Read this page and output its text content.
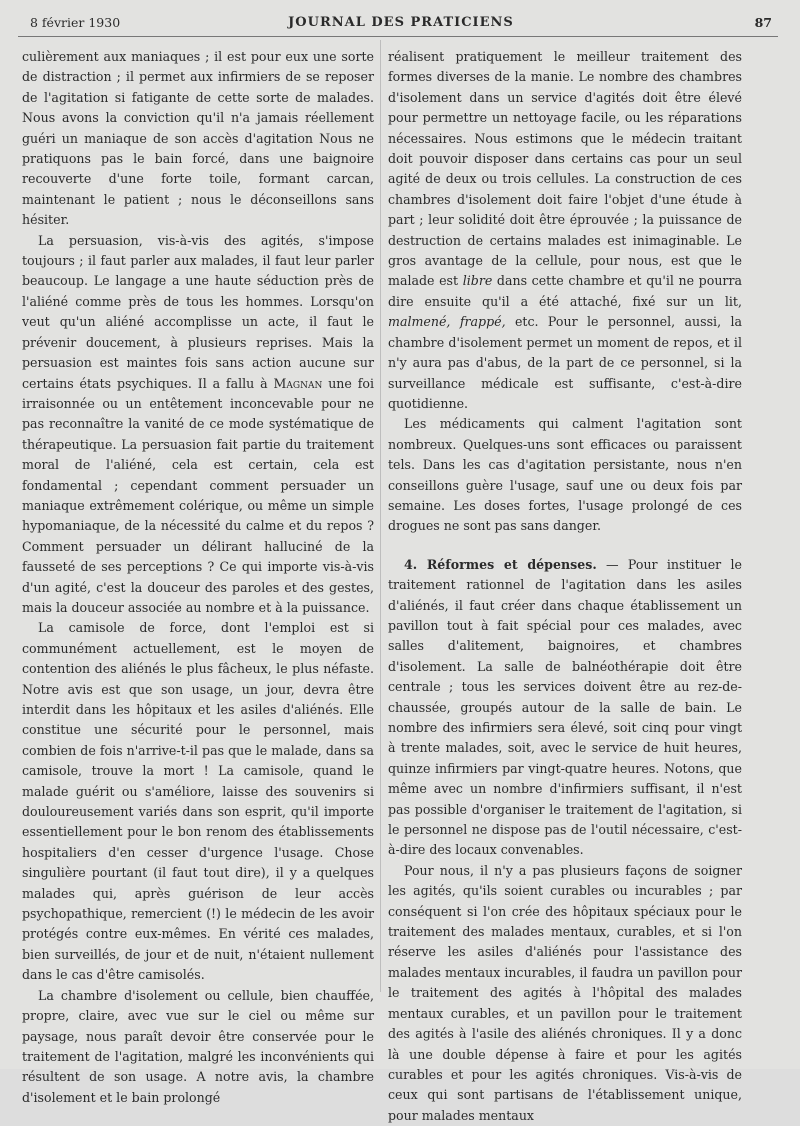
8 février 1930	JOURNAL DES PRATICIENS	87

culièrement aux maniaques ; il est pour eux une sorte de distraction ; il permet aux infirmiers de se reposer de l'agitation si fatigante de cette sorte de malades. Nous avons la conviction qu'il n'a jamais réellement guéri un maniaque de son accès d'agitation Nous ne pratiquons pas le bain forcé, dans une baignoire recouverte d'une forte toile, formant carcan, maintenant le patient ; nous le déconseillons sans hésiter.

La persuasion, vis-à-vis des agités, s'impose toujours ; il faut parler aux malades, il faut leur parler beaucoup. Le langage a une haute séduction près de l'aliéné comme près de tous les hommes. Lorsqu'on veut qu'un aliéné accomplisse un acte, il faut le prévenir doucement, à plusieurs reprises. Mais la persuasion est maintes fois sans action aucune sur certains états psychiques. Il a fallu à Magnan une foi irraisonnée ou un entêtement inconcevable pour ne pas reconnaître la vanité de ce mode systématique de thérapeutique. La persuasion fait partie du traitement moral de l'aliéné, cela est certain, cela est fondamental ; cependant comment persuader un maniaque extrêmement colérique, ou même un simple hypomaniaque, de la nécessité du calme et du repos ? Comment persuader un délirant halluciné de la fausseté de ses perceptions ? Ce qui importe vis-à-vis d'un agité, c'est la douceur des paroles et des gestes, mais la douceur associée au nombre et à la puissance.

La camisole de force, dont l'emploi est si communément actuellement, est le moyen de contention des aliénés le plus fâcheux, le plus néfaste. Notre avis est que son usage, un jour, devra être interdit dans les hôpitaux et les asiles d'aliénés. Elle constitue une sécurité pour le personnel, mais combien de fois n'arrive-t-il pas que le malade, dans sa camisole, trouve la mort ! La camisole, quand le malade guérit ou s'améliore, laisse des souvenirs si douloureusement variés dans son esprit, qu'il importe essentiellement pour le bon renom des établissements hospitaliers d'en cesser d'urgence l'usage. Chose singulière pourtant (il faut tout dire), il y a quelques malades qui, après guérison de leur accès psychopathique, remercient (!) le médecin de les avoir protégés contre eux-mêmes. En vérité ces malades, bien surveillés, de jour et de nuit, n'étaient nullement dans le cas d'être camisolés.

La chambre d'isolement ou cellule, bien chauffée, propre, claire, avec vue sur le ciel ou même sur paysage, nous paraît devoir être conservée pour le traitement de l'agitation, malgré les inconvénients qui résultent de son usage. A notre avis, la chambre d'isolement et le bain prolongé

réalisent pratiquement le meilleur traitement des formes diverses de la manie. Le nombre des chambres d'isolement dans un service d'agités doit être élevé pour permettre un nettoyage facile, ou les réparations nécessaires. Nous estimons que le médecin traitant doit pouvoir disposer dans certains cas pour un seul agité de deux ou trois cellules. La construction de ces chambres d'isolement doit faire l'objet d'une étude à part ; leur solidité doit être éprouvée ; la puissance de destruction de certains malades est inimaginable. Le gros avantage de la cellule, pour nous, est que le malade est libre dans cette chambre et qu'il ne pourra dire ensuite qu'il a été attaché, fixé sur un lit, malmené, frappé, etc. Pour le personnel, aussi, la chambre d'isolement permet un moment de repos, et il n'y aura pas d'abus, de la part de ce personnel, si la surveillance médicale est suffisante, c'est-à-dire quotidienne.

Les médicaments qui calment l'agitation sont nombreux. Quelques-uns sont efficaces ou paraissent tels. Dans les cas d'agitation persistante, nous n'en conseillons guère l'usage, sauf une ou deux fois par semaine. Les doses fortes, l'usage prolongé de ces drogues ne sont pas sans danger.

4. Réformes et dépenses. — Pour instituer le traitement rationnel de l'agitation dans les asiles d'aliénés, il faut créer dans chaque établissement un pavillon tout à fait spécial pour ces malades, avec salles d'alitement, baignoires, et chambres d'isolement. La salle de balnéothérapie doit être centrale ; tous les services doivent être au rez-de-chaussée, groupés autour de la salle de bain. Le nombre des infirmiers sera élevé, soit cinq pour vingt à trente malades, soit, avec le service de huit heures, quinze infirmiers par vingt-quatre heures. Notons, que même avec un nombre d'infirmiers suffisant, il n'est pas possible d'organiser le traitement de l'agitation, si le personnel ne dispose pas de l'outil nécessaire, c'est-à-dire des locaux convenables.

Pour nous, il n'y a pas plusieurs façons de soigner les agités, qu'ils soient curables ou incurables ; par conséquent si l'on crée des hôpitaux spéciaux pour le traitement des malades mentaux, curables, et si l'on réserve les asiles d'aliénés pour l'assistance des malades mentaux incurables, il faudra un pavillon pour le traitement des agités à l'hôpital des malades mentaux curables, et un pavillon pour le traitement des agités à l'asile des aliénés chroniques. Il y a donc là une double dépense à faire et pour les agités curables et pour les agités chroniques. Vis-à-vis de ceux qui sont partisans de l'établissement unique, pour malades mentaux
